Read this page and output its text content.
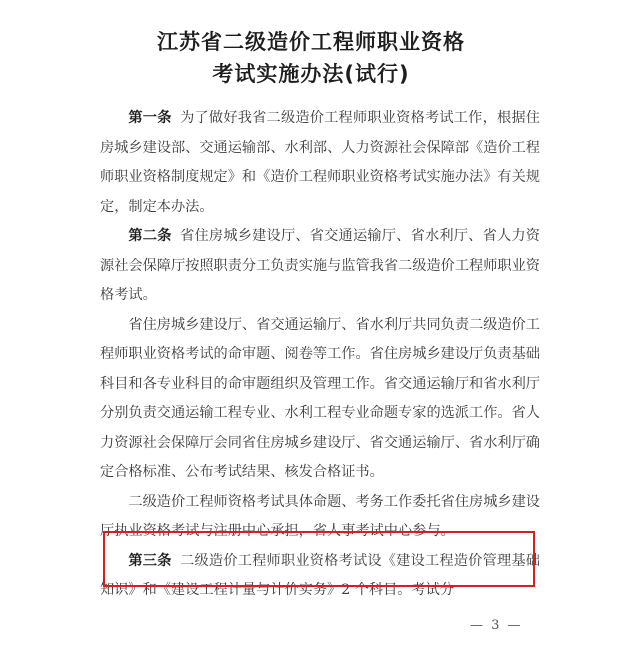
江苏省二级造价工程师职业资格
考试实施办法(试行)

第一条 为了做好我省二级造价工程师职业资格考试工作，根据住房城乡建设部、交通运输部、水利部、人力资源社会保障部《造价工程师职业资格制度规定》和《造价工程师职业资格考试实施办法》有关规定，制定本办法。

第二条 省住房城乡建设厅、省交通运输厅、省水利厅、省人力资源社会保障厅按照职责分工负责实施与监管我省二级造价工程师职业资格考试。

省住房城乡建设厅、省交通运输厅、省水利厅共同负责二级造价工程师职业资格考试的命审题、阅卷等工作。省住房城乡建设厅负责基础科目和各专业科目的命审题组织及管理工作。省交通运输厅和省水利厅分别负责交通运输工程专业、水利工程专业命题专家的选派工作。省人力资源社会保障厅会同省住房城乡建设厅、省交通运输厅、省水利厅确定合格标准、公布考试结果、核发合格证书。

二级造价工程师资格考试具体命题、考务工作委托省住房城乡建设厅执业资格考试与注册中心承担，省人事考试中心参与。

第三条 二级造价工程师职业资格考试设《建设工程造价管理基础知识》和《建设工程计量与计价实务》2 个科目。考试分

— 3 —
